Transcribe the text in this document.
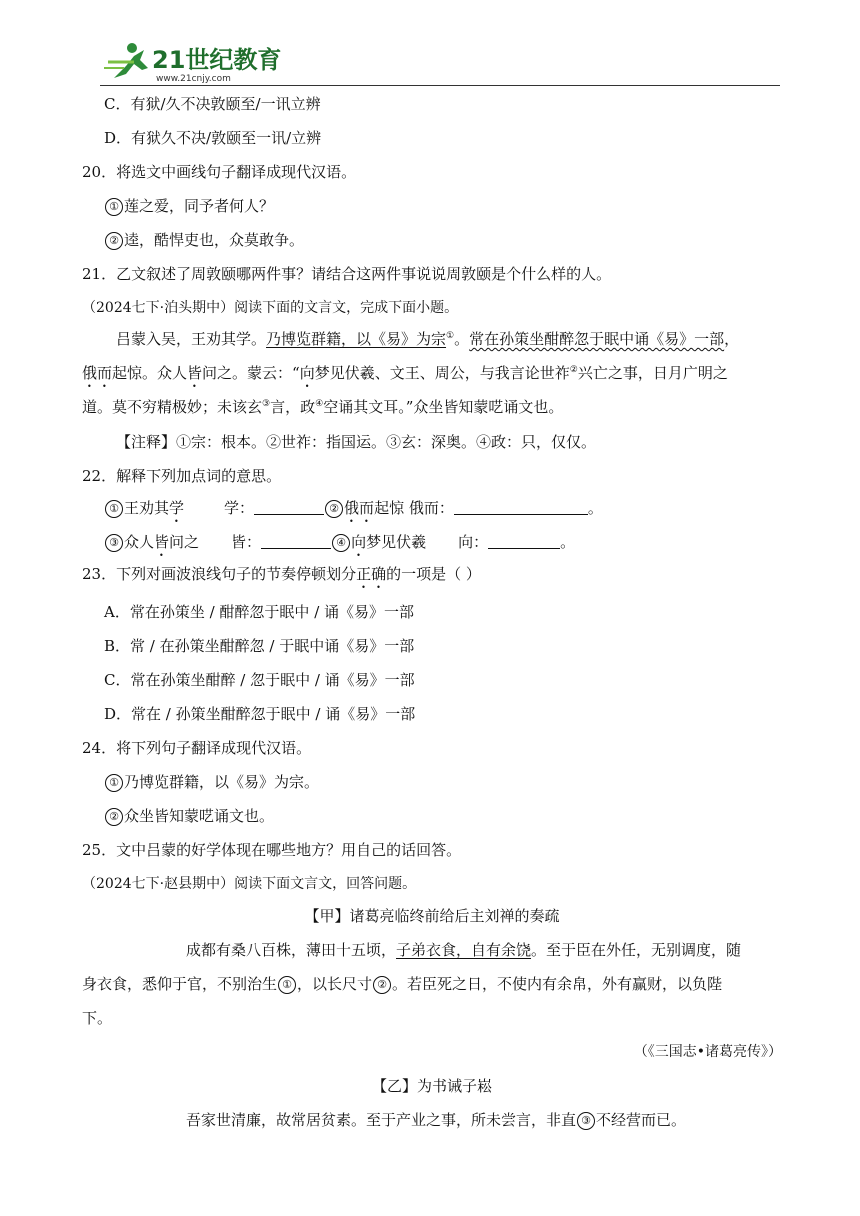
21世纪教育
www.21cnjy.com
C．有狱/久不决敦颐至/一讯立辨
D．有狱久不决/敦颐至一讯/立辨
20．将选文中画线句子翻译成现代汉语。
① 莲之爱，同予者何人？
② 逵，酷悍吏也，众莫敢争。
21．乙文叙述了周敦颐哪两件事？请结合这两件事说说周敦颐是个什么样的人。
（2024七下·泊头期中）阅读下面的文言文，完成下面小题。
吕蒙入吴，王劝其学。乃博览群籍，以《易》为宗①。常在孙策坐酣醉忽于眠中诵《易》一部，
俄而起惊。众人皆问之。蒙云：“向梦见伏羲、文王、周公，与我言论世祚②兴亡之事，日月广明之
道。莫不穷精极妙；未该玄③言，政④空诵其文耳。”众坐皆知蒙呓诵文也。
【注释】①宗：根本。②世祚：指国运。③玄：深奥。④政：只，仅仅。
22．解释下列加点词的意思。
① 王劝其学	学：	② 俄而起惊 俄而：	。
③ 众人皆问之 皆：	④ 向梦见伏羲 向：	。
23．下列对画波浪线句子的节奏停顿划分正确的一项是（ ）
A．常在孙策坐 / 酣醉忽于眠中 / 诵《易》一部
B．常 / 在孙策坐酣醉忽 / 于眠中诵《易》一部
C．常在孙策坐酣醉 / 忽于眠中 / 诵《易》一部
D．常在 / 孙策坐酣醉忽于眠中 / 诵《易》一部
24．将下列句子翻译成现代汉语。
① 乃博览群籍，以《易》为宗。
② 众坐皆知蒙呓诵文也。
25．文中吕蒙的好学体现在哪些地方？用自己的话回答。
（2024七下·赵县期中）阅读下面文言文，回答问题。
【甲】诸葛亮临终前给后主刘禅的奏疏
成都有桑八百株，薄田十五顷，子弟衣食，自有余饶。至于臣在外任，无别调度，随
身衣食，悉仰于官，不别治生 ① ，以长尺寸 ② 。若臣死之日，不使内有余帛，外有赢财，以负陛
下。
（《三国志•诸葛亮传》）
【乙】为书诫子崧
吾家世清廉，故常居贫素。至于产业之事，所未尝言，非直 ③ 不经营而已。
